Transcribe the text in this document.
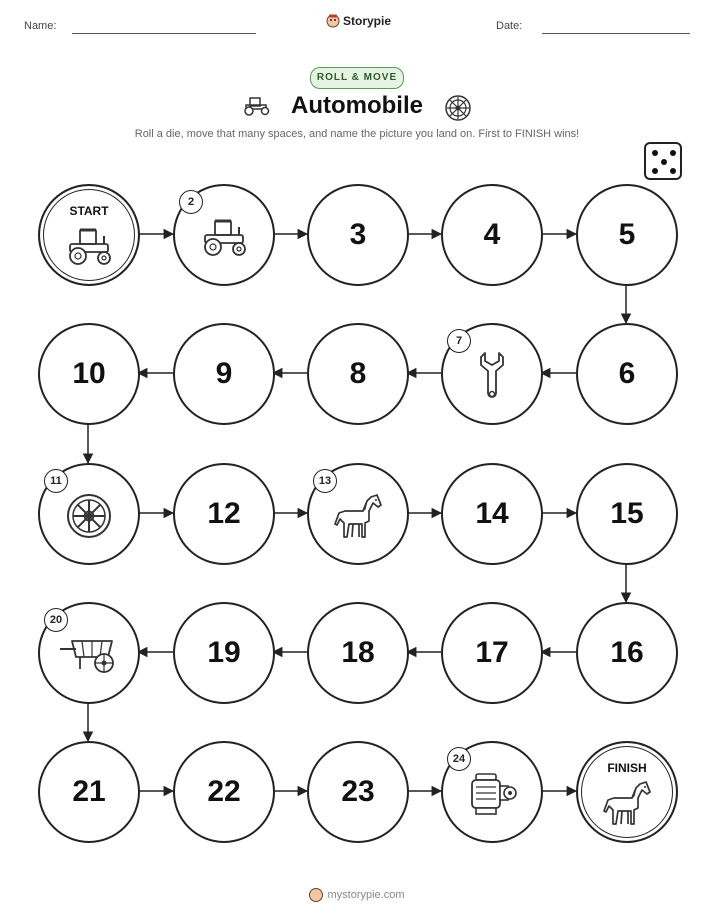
Name:	Storypie	Date:
ROLL & MOVE
Automobile
Roll a die, move that many spaces, and name the picture you land on. First to FINISH wins!
START
2
3	4	5
6
7
8
9
10
11
12
13
14	15
16
17
18
19
20
21	22	23
24
FINISH
mystorypie.com
